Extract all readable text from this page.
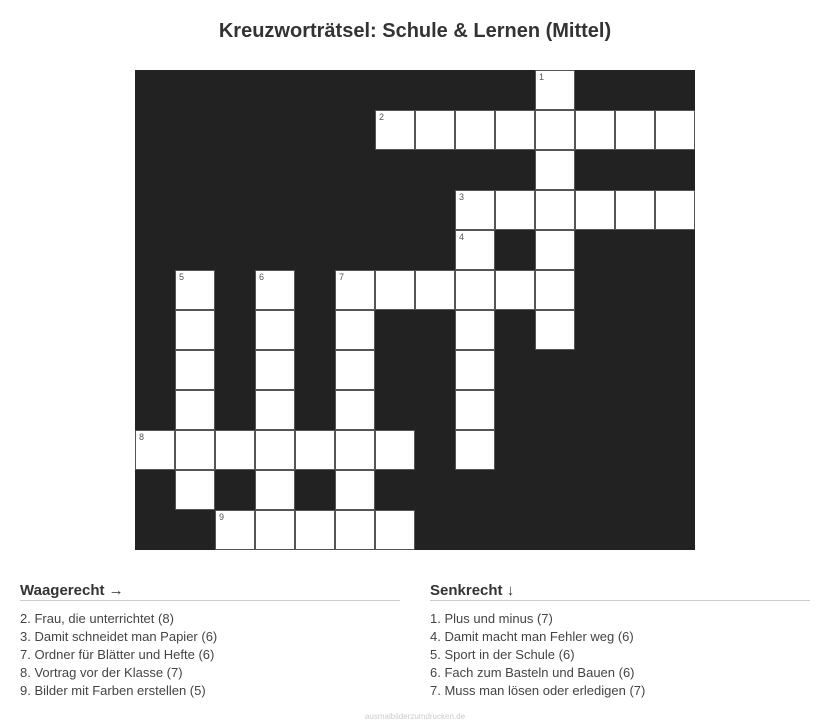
Kreuzworträtsel: Schule & Lernen (Mittel)
1
2
3
4
5	6	7
8
9
Waagerecht →
2. Frau, die unterrichtet (8)
3. Damit schneidet man Papier (6)
7. Ordner für Blätter und Hefte (6)
8. Vortrag vor der Klasse (7)
9. Bilder mit Farben erstellen (5)
Senkrecht ↓
1. Plus und minus (7)
4. Damit macht man Fehler weg (6)
5. Sport in der Schule (6)
6. Fach zum Basteln und Bauen (6)
7. Muss man lösen oder erledigen (7)
ausmalbilderzumdrucken.de
